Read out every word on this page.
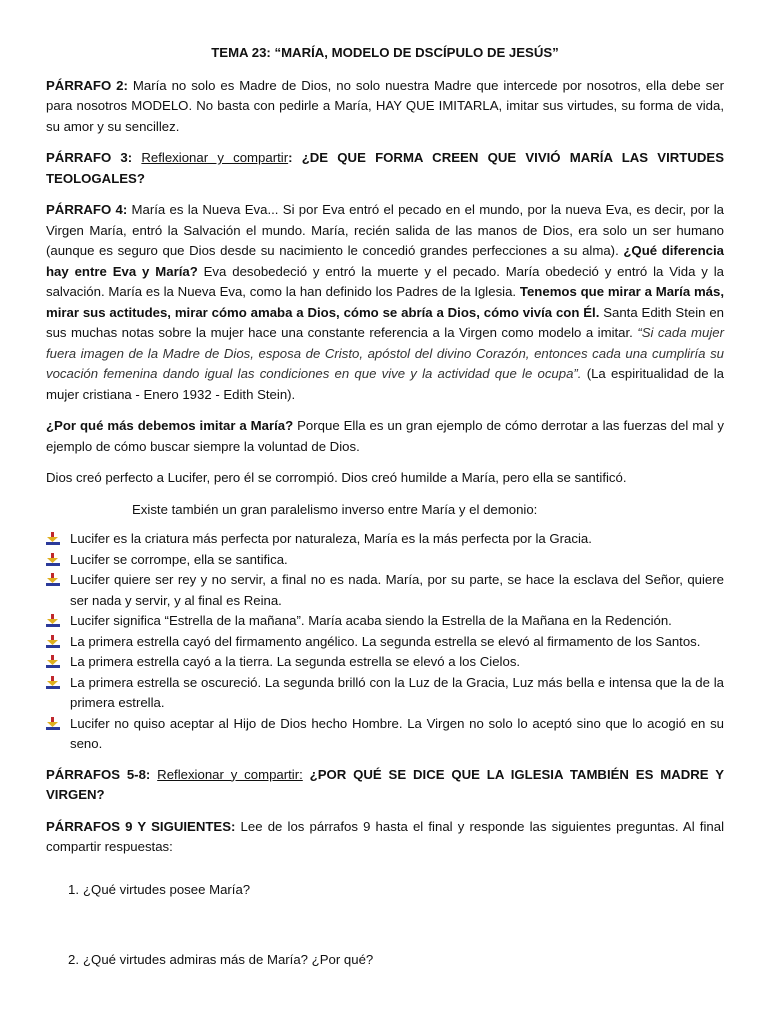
TEMA 23: “MARÍA, MODELO DE DSCÍPULO DE JESÚS”

PÁRRAFO 2: María no solo es Madre de Dios, no solo nuestra Madre que intercede por nosotros, ella debe ser para nosotros MODELO. No basta con pedirle a María, HAY QUE IMITARLA, imitar sus virtudes, su forma de vida, su amor y su sencillez.

PÁRRAFO 3: Reflexionar y compartir: ¿DE QUE FORMA CREEN QUE VIVIÓ MARÍA LAS VIRTUDES TEOLOGALES?

PÁRRAFO 4: María es la Nueva Eva... Si por Eva entró el pecado en el mundo, por la nueva Eva, es decir, por la Virgen María, entró la Salvación el mundo. María, recién salida de las manos de Dios, era solo un ser humano (aunque es seguro que Dios desde su nacimiento le concedió grandes perfecciones a su alma). ¿Qué diferencia hay entre Eva y María? Eva desobedeció y entró la muerte y el pecado. María obedeció y entró la Vida y la salvación. María es la Nueva Eva, como la han definido los Padres de la Iglesia. Tenemos que mirar a María más, mirar sus actitudes, mirar cómo amaba a Dios, cómo se abría a Dios, cómo vivía con Él. Santa Edith Stein en sus muchas notas sobre la mujer hace una constante referencia a la Virgen como modelo a imitar. “Si cada mujer fuera imagen de la Madre de Dios, esposa de Cristo, apóstol del divino Corazón, entonces cada una cumpliría su vocación femenina dando igual las condiciones en que vive y la actividad que le ocupa”. (La espiritualidad de la mujer cristiana - Enero 1932 - Edith Stein).

¿Por qué más debemos imitar a María? Porque Ella es un gran ejemplo de cómo derrotar a las fuerzas del mal y ejemplo de cómo buscar siempre la voluntad de Dios.

Dios creó perfecto a Lucifer, pero él se corrompió. Dios creó humilde a María, pero ella se santificó.

Existe también un gran paralelismo inverso entre María y el demonio:

Lucifer es la criatura más perfecta por naturaleza, María es la más perfecta por la Gracia.
Lucifer se corrompe, ella se santifica.
Lucifer quiere ser rey y no servir, a final no es nada. María, por su parte, se hace la esclava del Señor, quiere ser nada y servir, y al final es Reina.
Lucifer significa “Estrella de la mañana”. María acaba siendo la Estrella de la Mañana en la Redención.
La primera estrella cayó del firmamento angélico. La segunda estrella se elevó al firmamento de los Santos.
La primera estrella cayó a la tierra. La segunda estrella se elevó a los Cielos.
La primera estrella se oscureció. La segunda brilló con la Luz de la Gracia, Luz más bella e intensa que la de la primera estrella.
Lucifer no quiso aceptar al Hijo de Dios hecho Hombre. La Virgen no solo lo aceptó sino que lo acogió en su seno.

PÁRRAFOS 5-8: Reflexionar y compartir: ¿POR QUÉ SE DICE QUE LA IGLESIA TAMBIÉN ES MADRE Y VIRGEN?

PÁRRAFOS 9 Y SIGUIENTES: Lee de los párrafos 9 hasta el final y responde las siguientes preguntas. Al final compartir respuestas:

1. ¿Qué virtudes posee María?
2. ¿Qué virtudes admiras más de María? ¿Por qué?
